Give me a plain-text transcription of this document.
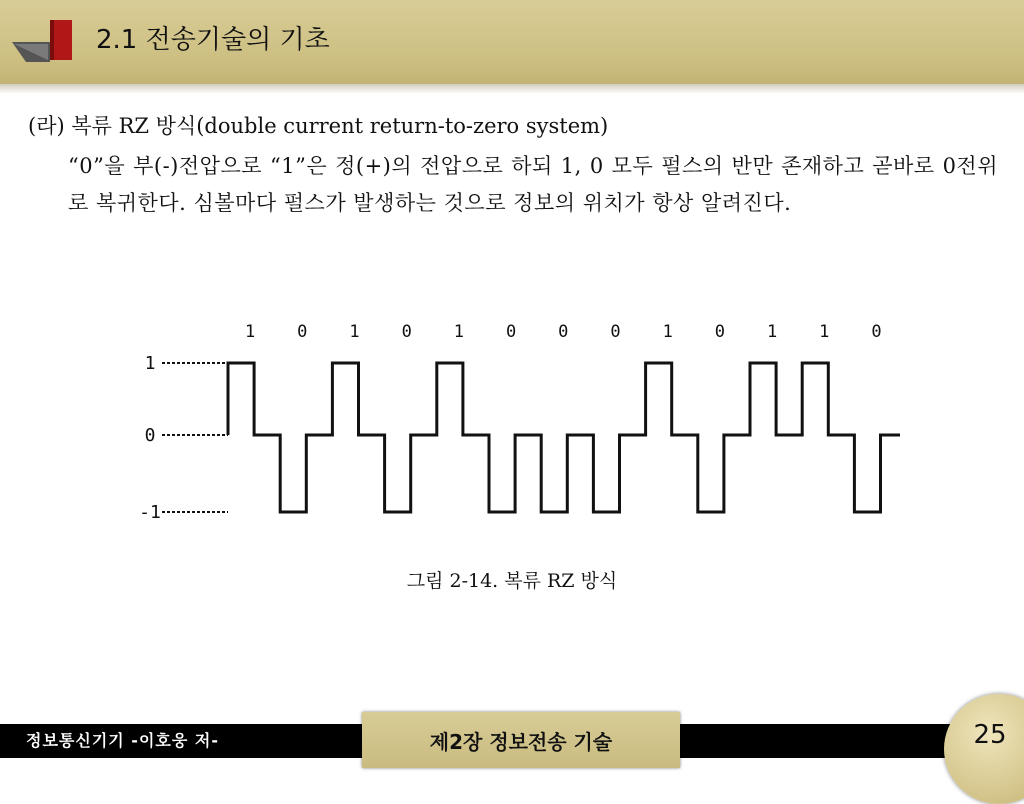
2.1 전송기술의 기초

(라) 복류 RZ 방식(double current return-to-zero system)

“0”을 부(-)전압으로 “1”은 정(+)의 전압으로 하되 1, 0 모두 펄스의 반만 존재하고 곧바로 0전위로 복귀한다. 심볼마다 펄스가 발생하는 것으로 정보의 위치가 항상 알려진다.

1
0
-1
1 0 1 0 1 0 0 0 1 0 1 1 0
그림 2-14. 복류 RZ 방식
정보통신기기 -이호웅 저-	제2장 정보전송 기술	25
